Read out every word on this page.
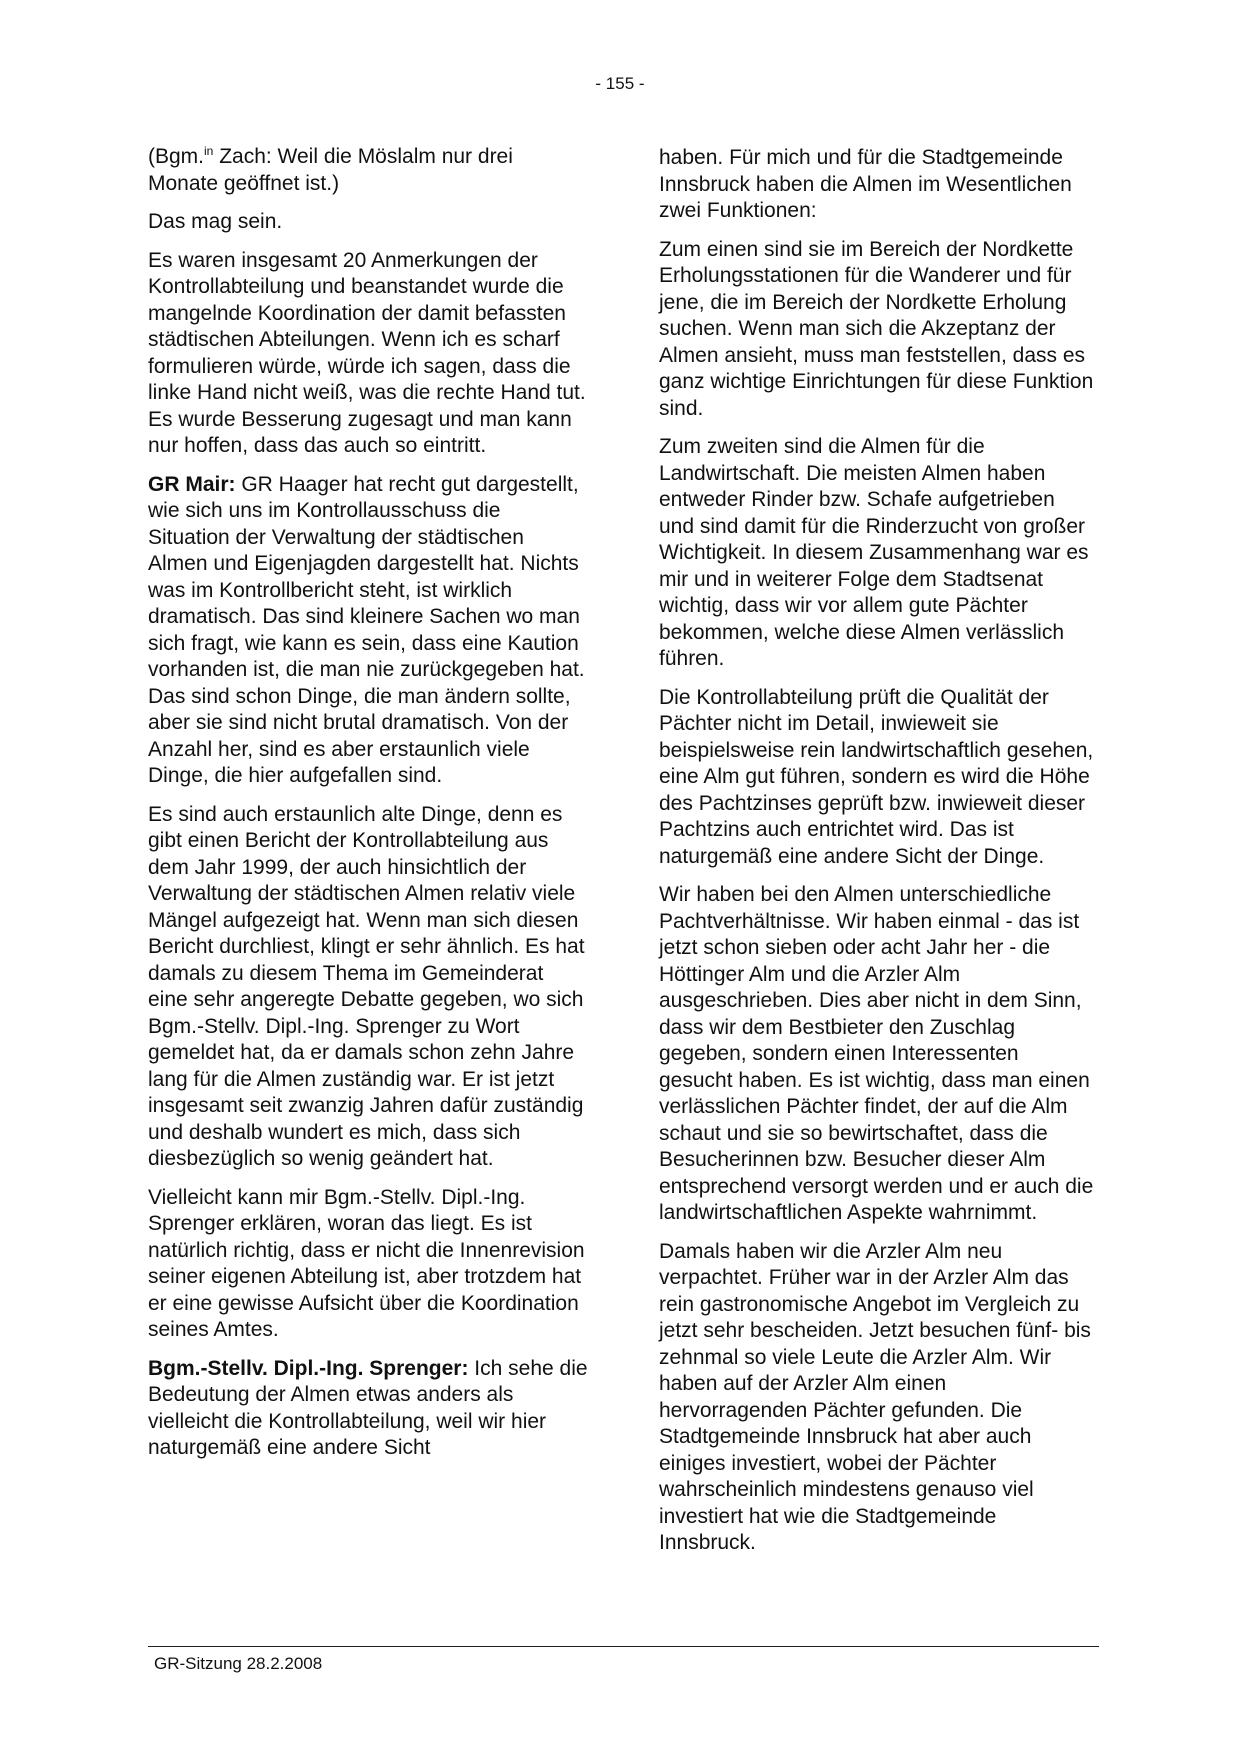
- 155 -

(Bgm.$^{in}$ Zach: Weil die Möslalm nur drei Monate geöffnet ist.)

Das mag sein.

Es waren insgesamt 20 Anmerkungen der Kontrollabteilung und beanstandet wurde die mangelnde Koordination der damit befassten städtischen Abteilungen. Wenn ich es scharf formulieren würde, würde ich sagen, dass die linke Hand nicht weiß, was die rechte Hand tut. Es wurde Besserung zugesagt und man kann nur hoffen, dass das auch so eintritt.

GR Mair: GR Haager hat recht gut dargestellt, wie sich uns im Kontrollausschuss die Situation der Verwaltung der städtischen Almen und Eigenjagden dargestellt hat. Nichts was im Kontrollbericht steht, ist wirklich dramatisch. Das sind kleinere Sachen wo man sich fragt, wie kann es sein, dass eine Kaution vorhanden ist, die man nie zurückgegeben hat. Das sind schon Dinge, die man ändern sollte, aber sie sind nicht brutal dramatisch. Von der Anzahl her, sind es aber erstaunlich viele Dinge, die hier aufgefallen sind.

Es sind auch erstaunlich alte Dinge, denn es gibt einen Bericht der Kontrollabteilung aus dem Jahr 1999, der auch hinsichtlich der Verwaltung der städtischen Almen relativ viele Mängel aufgezeigt hat. Wenn man sich diesen Bericht durchliest, klingt er sehr ähnlich. Es hat damals zu diesem Thema im Gemeinderat eine sehr angeregte Debatte gegeben, wo sich Bgm.-Stellv. Dipl.-Ing. Sprenger zu Wort gemeldet hat, da er damals schon zehn Jahre lang für die Almen zuständig war. Er ist jetzt insgesamt seit zwanzig Jahren dafür zuständig und deshalb wundert es mich, dass sich diesbezüglich so wenig geändert hat.

Vielleicht kann mir Bgm.-Stellv. Dipl.-Ing. Sprenger erklären, woran das liegt. Es ist natürlich richtig, dass er nicht die Innenrevision seiner eigenen Abteilung ist, aber trotzdem hat er eine gewisse Aufsicht über die Koordination seines Amtes.

Bgm.-Stellv. Dipl.-Ing. Sprenger: Ich sehe die Bedeutung der Almen etwas anders als vielleicht die Kontrollabteilung, weil wir hier naturgemäß eine andere Sicht

haben. Für mich und für die Stadtgemeinde Innsbruck haben die Almen im Wesentlichen zwei Funktionen:

Zum einen sind sie im Bereich der Nordkette Erholungsstationen für die Wanderer und für jene, die im Bereich der Nordkette Erholung suchen. Wenn man sich die Akzeptanz der Almen ansieht, muss man feststellen, dass es ganz wichtige Einrichtungen für diese Funktion sind.

Zum zweiten sind die Almen für die Landwirtschaft. Die meisten Almen haben entweder Rinder bzw. Schafe aufgetrieben und sind damit für die Rinderzucht von großer Wichtigkeit. In diesem Zusammenhang war es mir und in weiterer Folge dem Stadtsenat wichtig, dass wir vor allem gute Pächter bekommen, welche diese Almen verlässlich führen.

Die Kontrollabteilung prüft die Qualität der Pächter nicht im Detail, inwieweit sie beispielsweise rein landwirtschaftlich gesehen, eine Alm gut führen, sondern es wird die Höhe des Pachtzinses geprüft bzw. inwieweit dieser Pachtzins auch entrichtet wird. Das ist naturgemäß eine andere Sicht der Dinge.

Wir haben bei den Almen unterschiedliche Pachtverhältnisse. Wir haben einmal - das ist jetzt schon sieben oder acht Jahr her - die Höttinger Alm und die Arzler Alm ausgeschrieben. Dies aber nicht in dem Sinn, dass wir dem Bestbieter den Zuschlag gegeben, sondern einen Interessenten gesucht haben. Es ist wichtig, dass man einen verlässlichen Pächter findet, der auf die Alm schaut und sie so bewirtschaftet, dass die Besucherinnen bzw. Besucher dieser Alm entsprechend versorgt werden und er auch die landwirtschaftlichen Aspekte wahrnimmt.

Damals haben wir die Arzler Alm neu verpachtet. Früher war in der Arzler Alm das rein gastronomische Angebot im Vergleich zu jetzt sehr bescheiden. Jetzt besuchen fünf- bis zehnmal so viele Leute die Arzler Alm. Wir haben auf der Arzler Alm einen hervorragenden Pächter gefunden. Die Stadtgemeinde Innsbruck hat aber auch einiges investiert, wobei der Pächter wahrscheinlich mindestens genauso viel investiert hat wie die Stadtgemeinde Innsbruck.

GR-Sitzung 28.2.2008
